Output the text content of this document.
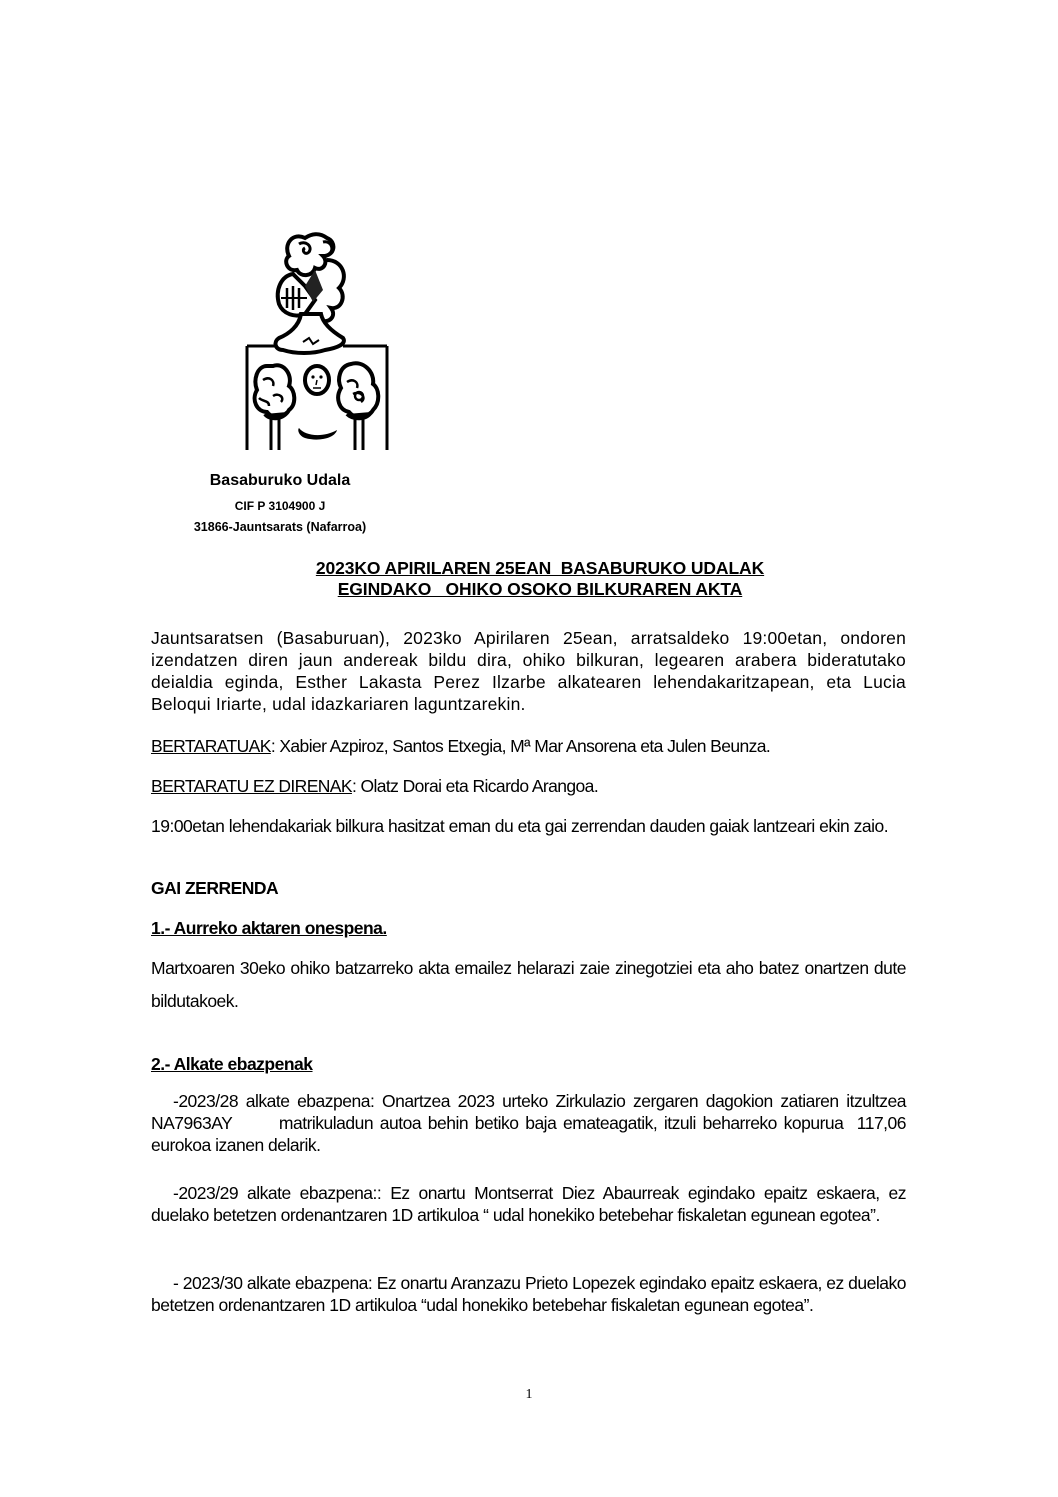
Basaburuko Udala
CIF P 3104900 J
31866-Jauntsarats (Nafarroa)
2023KO APIRILAREN 25EAN  BASABURUKO UDALAK
EGINDAKO   OHIKO OSOKO BILKURAREN AKTA
Jauntsaratsen (Basaburuan), 2023ko Apirilaren 25ean, arratsaldeko 19:00etan, ondoren izendatzen diren jaun andereak bildu dira, ohiko bilkuran, legearen arabera bideratutako deialdia eginda, Esther Lakasta Perez Ilzarbe alkatearen lehendakaritzapean, eta Lucia Beloqui Iriarte, udal idazkariaren laguntzarekin.
BERTARATUAK: Xabier Azpiroz, Santos Etxegia, Mª Mar Ansorena eta Julen Beunza.
BERTARATU EZ DIRENAK: Olatz Dorai eta Ricardo Arangoa.
19:00etan lehendakariak bilkura hasitzat eman du eta gai zerrendan dauden gaiak lantzeari ekin zaio.
GAI ZERRENDA
1.- Aurreko aktaren onespena.
Martxoaren 30eko ohiko batzarreko akta emailez helarazi zaie zinegotziei eta aho batez onartzen dute bildutakoek.
2.- Alkate ebazpenak
-2023/28 alkate ebazpena: Onartzea 2023 urteko Zirkulazio zergaren dagokion zatiaren itzultzea NA7963AY       matrikuladun autoa behin betiko baja emateagatik, itzuli beharreko kopurua  117,06 eurokoa izanen delarik.
-2023/29 alkate ebazpena:: Ez onartu Montserrat Diez Abaurreak egindako epaitz eskaera, ez duelako betetzen ordenantzaren 1D artikuloa “ udal honekiko betebehar fiskaletan egunean egotea”.
- 2023/30 alkate ebazpena: Ez onartu Aranzazu Prieto Lopezek egindako epaitz eskaera, ez duelako betetzen ordenantzaren 1D artikuloa “udal honekiko betebehar fiskaletan egunean egotea”.
1
